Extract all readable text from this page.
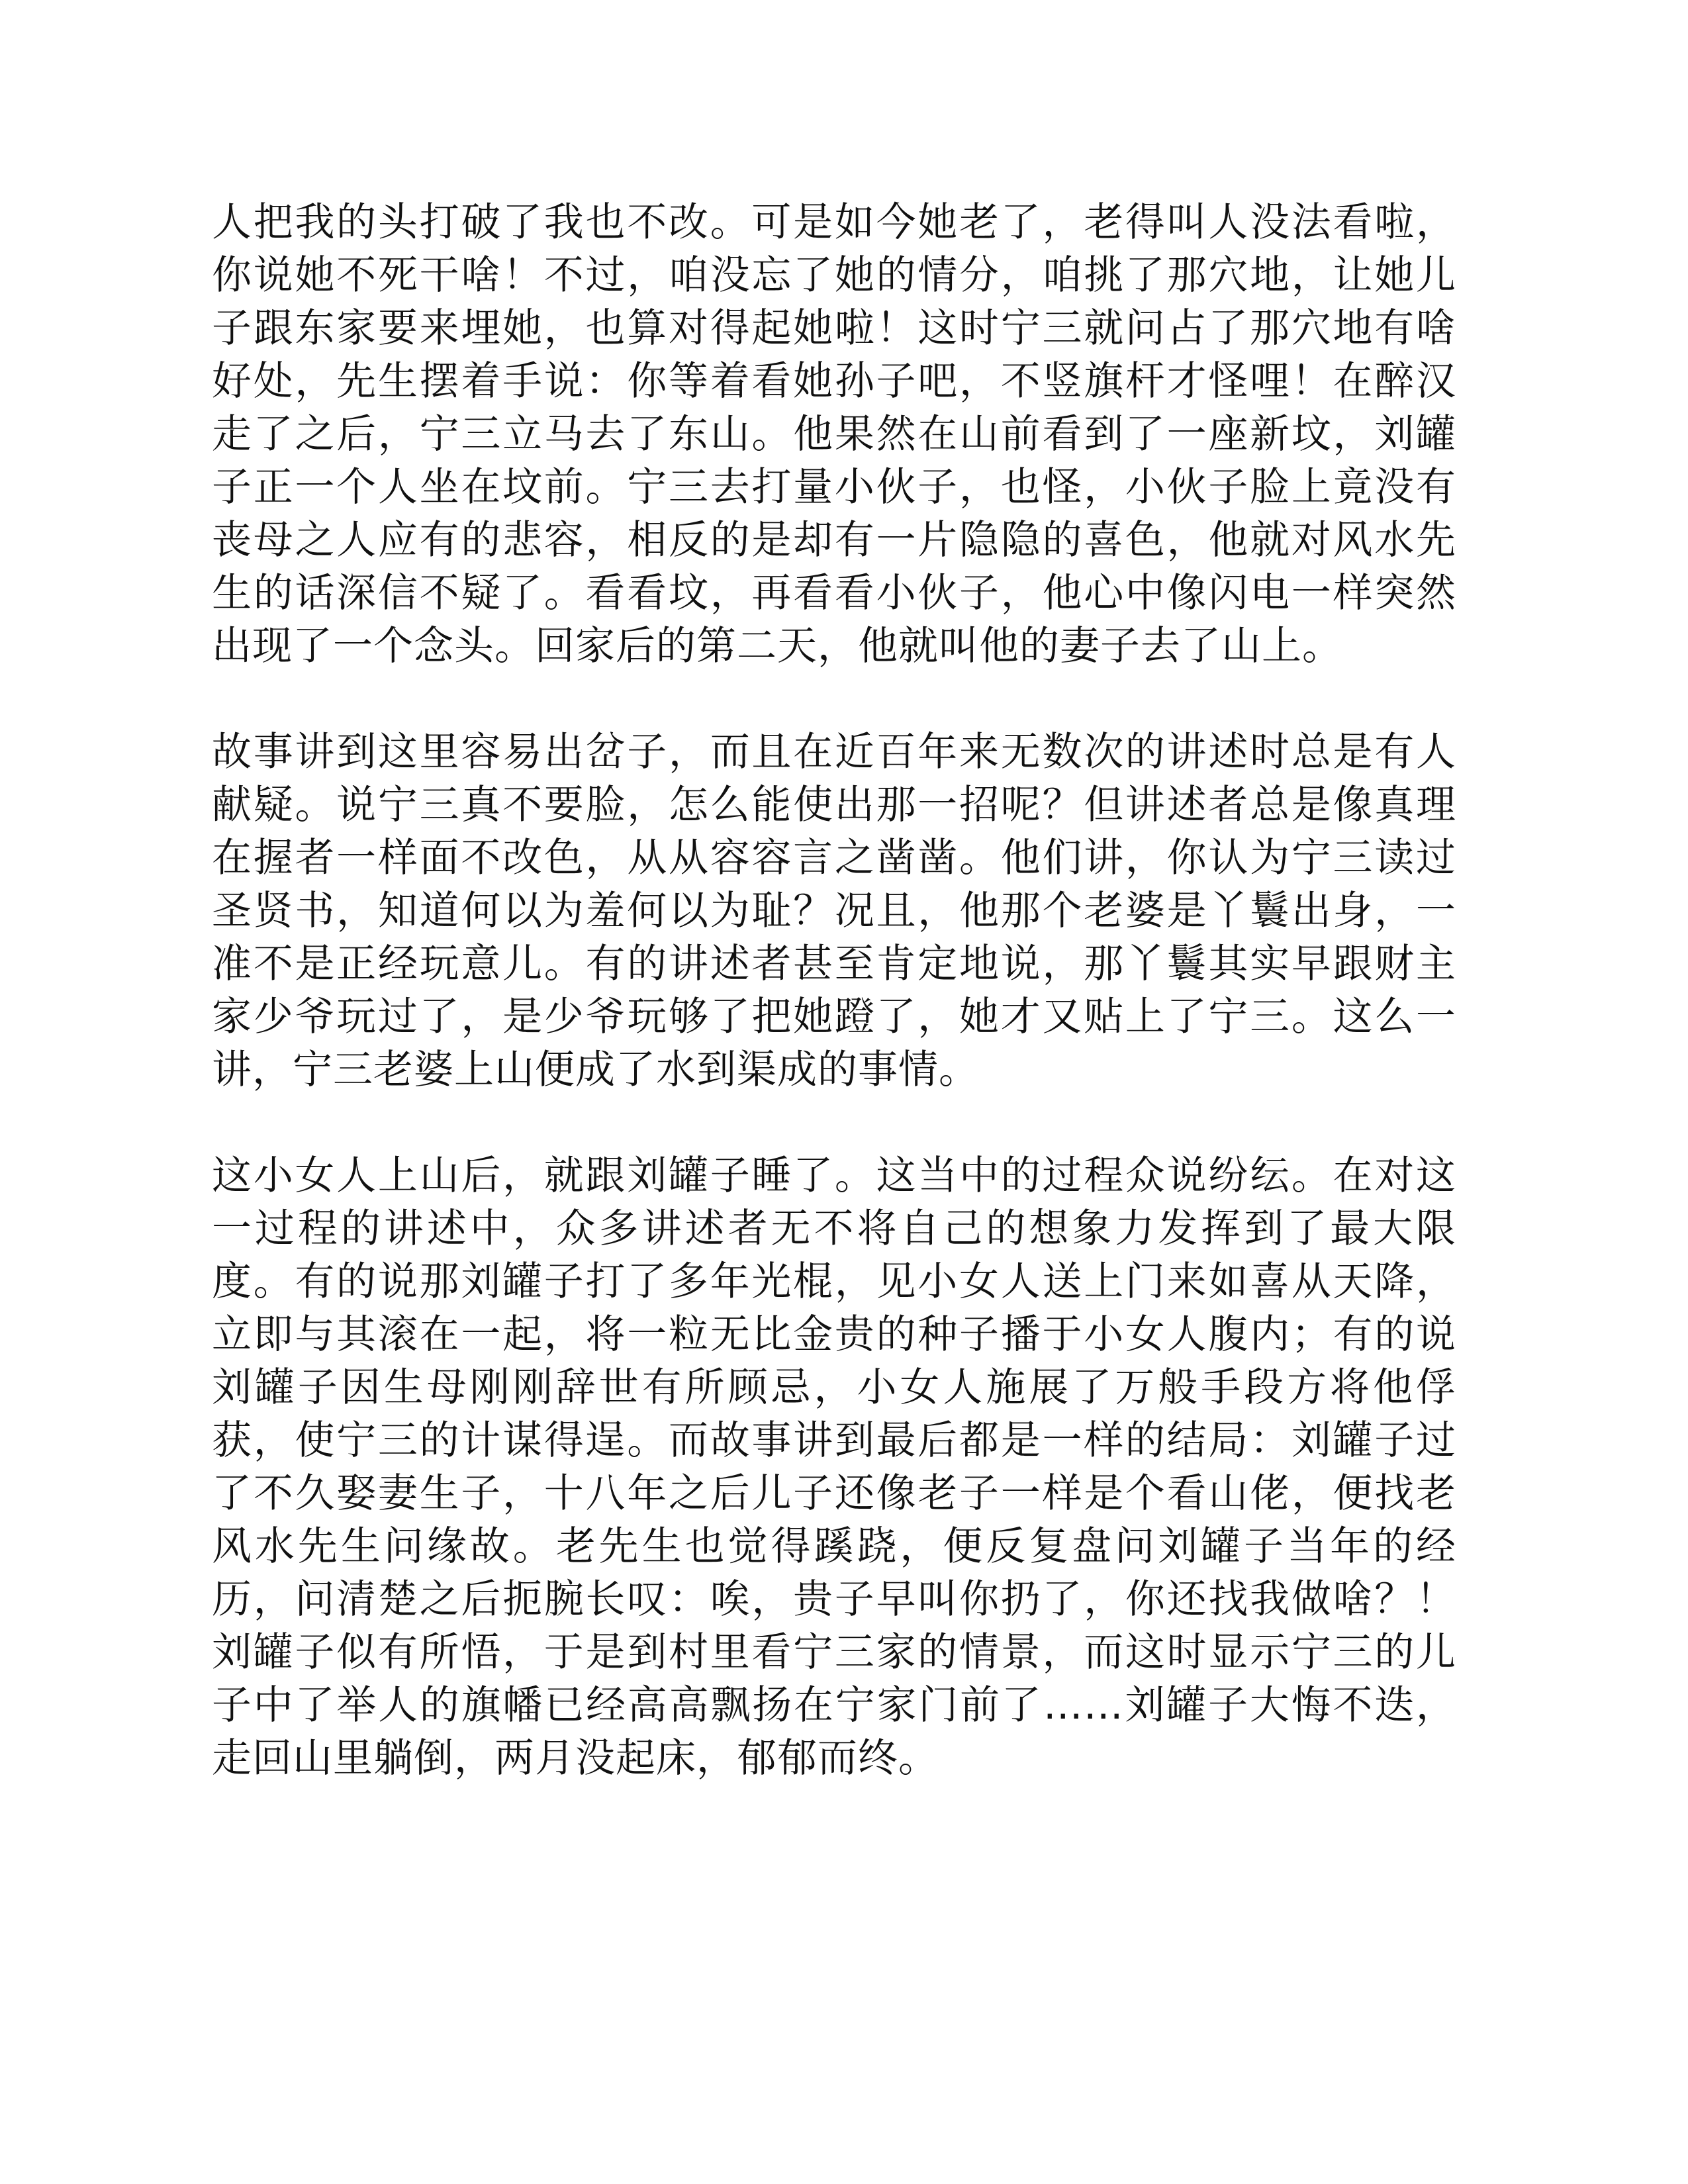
人把我的头打破了我也不改。可是如今她老了，老得叫人没法看啦，你说她不死干啥！不过，咱没忘了她的情分，咱挑了那穴地，让她儿子跟东家要来埋她，也算对得起她啦！这时宁三就问占了那穴地有啥好处，先生摆着手说：你等着看她孙子吧，不竖旗杆才怪哩！在醉汉走了之后，宁三立马去了东山。他果然在山前看到了一座新坟，刘罐子正一个人坐在坟前。宁三去打量小伙子，也怪，小伙子脸上竟没有丧母之人应有的悲容，相反的是却有一片隐隐的喜色，他就对风水先生的话深信不疑了。看看坟，再看看小伙子，他心中像闪电一样突然出现了一个念头。回家后的第二天，他就叫他的妻子去了山上。

故事讲到这里容易出岔子，而且在近百年来无数次的讲述时总是有人献疑。说宁三真不要脸，怎么能使出那一招呢？但讲述者总是像真理在握者一样面不改色，从从容容言之凿凿。他们讲，你认为宁三读过圣贤书，知道何以为羞何以为耻？况且，他那个老婆是丫鬟出身，一准不是正经玩意儿。有的讲述者甚至肯定地说，那丫鬟其实早跟财主家少爷玩过了，是少爷玩够了把她蹬了，她才又贴上了宁三。这么一讲，宁三老婆上山便成了水到渠成的事情。

这小女人上山后，就跟刘罐子睡了。这当中的过程众说纷纭。在对这一过程的讲述中，众多讲述者无不将自己的想象力发挥到了最大限度。有的说那刘罐子打了多年光棍，见小女人送上门来如喜从天降，立即与其滚在一起，将一粒无比金贵的种子播于小女人腹内；有的说刘罐子因生母刚刚辞世有所顾忌，小女人施展了万般手段方将他俘获，使宁三的计谋得逞。而故事讲到最后都是一样的结局：刘罐子过了不久娶妻生子，十八年之后儿子还像老子一样是个看山佬，便找老风水先生问缘故。老先生也觉得蹊跷，便反复盘问刘罐子当年的经历，问清楚之后扼腕长叹：唉，贵子早叫你扔了，你还找我做啥？！刘罐子似有所悟，于是到村里看宁三家的情景，而这时显示宁三的儿子中了举人的旗幡已经高高飘扬在宁家门前了……刘罐子大悔不迭，走回山里躺倒，两月没起床，郁郁而终。
